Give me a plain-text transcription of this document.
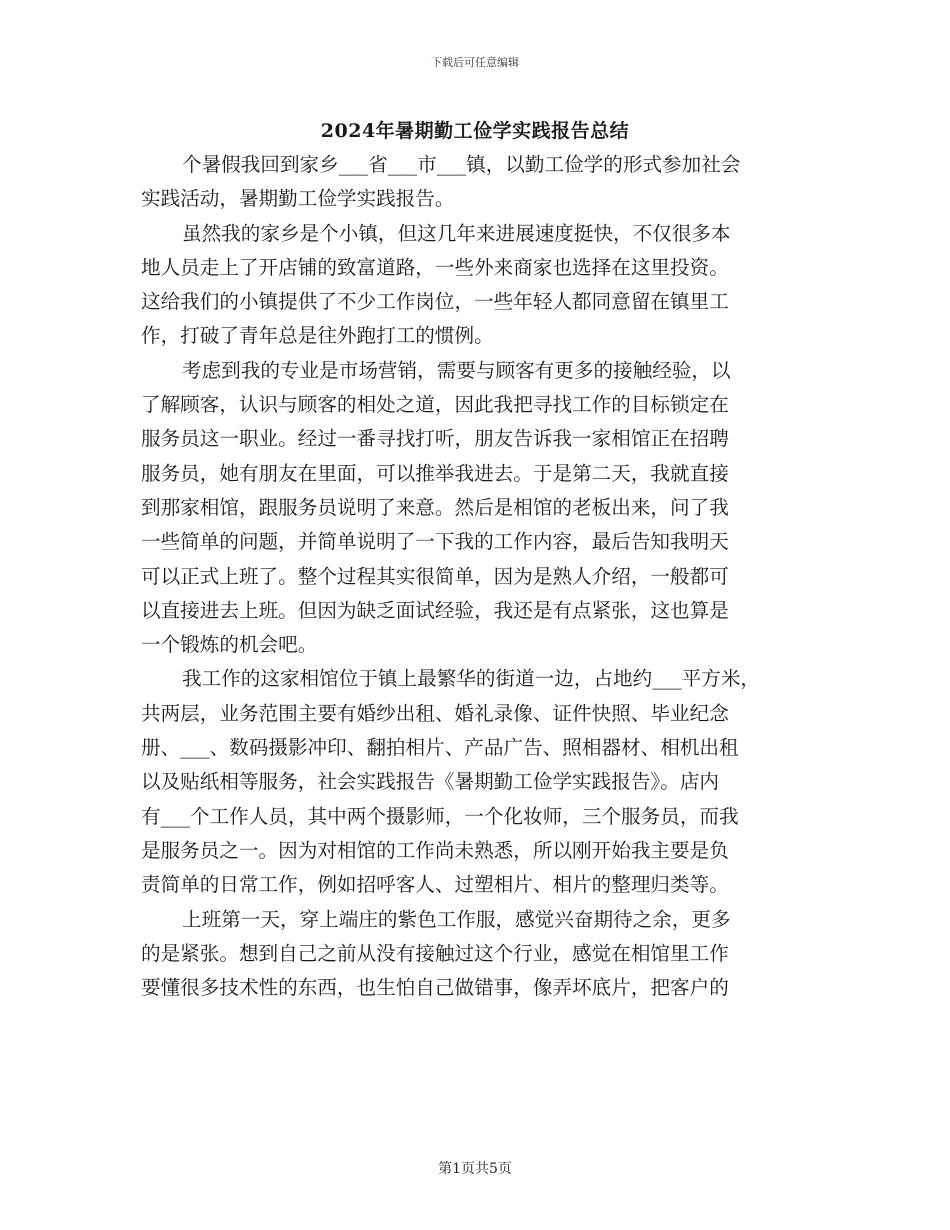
下载后可任意编辑
2024年暑期勤工俭学实践报告总结
个暑假我回到家乡___省___市___镇，以勤工俭学的形式参加社会
实践活动，暑期勤工俭学实践报告。
虽然我的家乡是个小镇，但这几年来进展速度挺快，不仅很多本
地人员走上了开店铺的致富道路，一些外来商家也选择在这里投资。
这给我们的小镇提供了不少工作岗位，一些年轻人都同意留在镇里工
作，打破了青年总是往外跑打工的惯例。
考虑到我的专业是市场营销，需要与顾客有更多的接触经验，以
了解顾客，认识与顾客的相处之道，因此我把寻找工作的目标锁定在
服务员这一职业。经过一番寻找打听，朋友告诉我一家相馆正在招聘
服务员，她有朋友在里面，可以推举我进去。于是第二天，我就直接
到那家相馆，跟服务员说明了来意。然后是相馆的老板出来，问了我
一些简单的问题，并简单说明了一下我的工作内容，最后告知我明天
可以正式上班了。整个过程其实很简单，因为是熟人介绍，一般都可
以直接进去上班。但因为缺乏面试经验，我还是有点紧张，这也算是
一个锻炼的机会吧。
我工作的这家相馆位于镇上最繁华的街道一边，占地约___平方米，
共两层，业务范围主要有婚纱出租、婚礼录像、证件快照、毕业纪念
册、___、数码摄影冲印、翻拍相片、产品广告、照相器材、相机出租
以及贴纸相等服务，社会实践报告《暑期勤工俭学实践报告》。店内
有___个工作人员，其中两个摄影师，一个化妆师，三个服务员，而我
是服务员之一。因为对相馆的工作尚未熟悉，所以刚开始我主要是负
责简单的日常工作，例如招呼客人、过塑相片、相片的整理归类等。
上班第一天，穿上端庄的紫色工作服，感觉兴奋期待之余，更多
的是紧张。想到自己之前从没有接触过这个行业，感觉在相馆里工作
要懂很多技术性的东西，也生怕自己做错事，像弄坏底片，把客户的
第1页共5页
